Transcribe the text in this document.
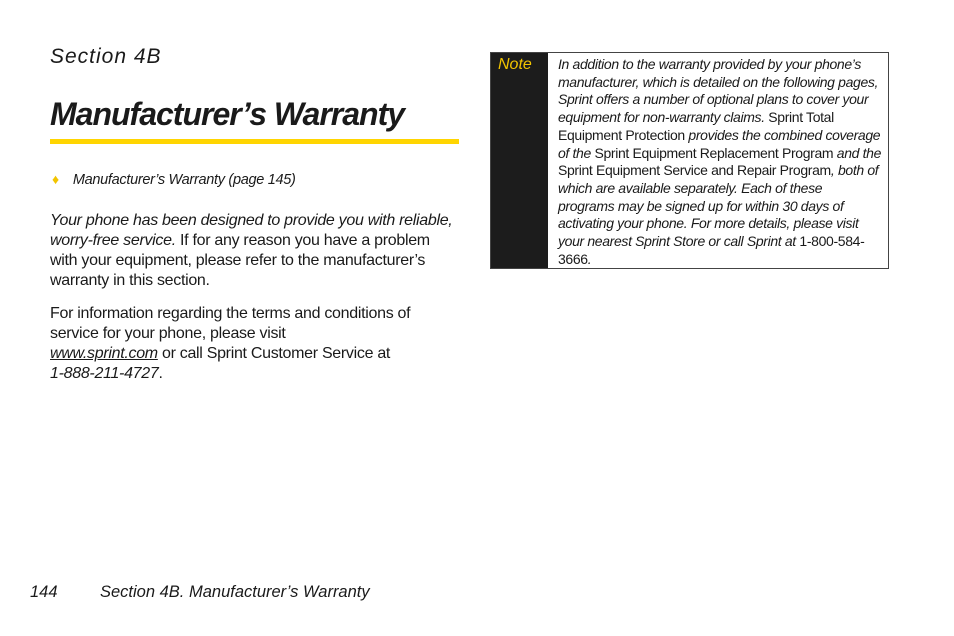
Section 4B
Manufacturer’s Warranty
♦ Manufacturer’s Warranty (page 145)

Your phone has been designed to provide you with reliable, worry-free service. If for any reason you have a problem with your equipment, please refer to the manufacturer’s warranty in this section.

For information regarding the terms and conditions of service for your phone, please visit
www.sprint.com or call Sprint Customer Service at
1-888-211-4727.

Note In addition to the warranty provided by your phone’s manufacturer, which is detailed on the following pages, Sprint offers a number of optional plans to cover your equipment for non-warranty claims. Sprint Total Equipment Protection provides the combined coverage of the Sprint Equipment Replacement Program and the Sprint Equipment Service and Repair Program, both of which are available separately. Each of these programs may be signed up for within 30 days of activating your phone. For more details, please visit your nearest Sprint Store or call Sprint at 1-800-584-3666.
144	Section 4B. Manufacturer’s Warranty
